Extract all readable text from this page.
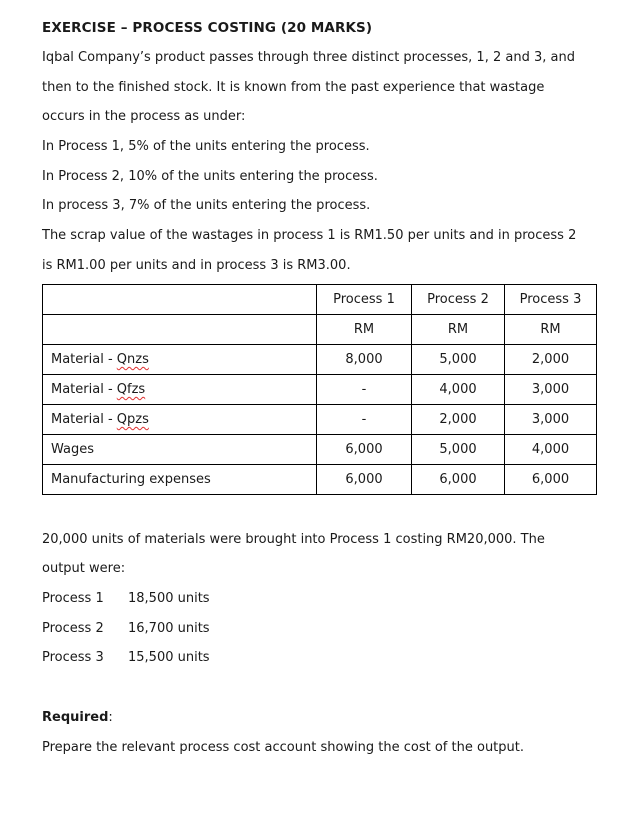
EXERCISE – PROCESS COSTING (20 MARKS)
Iqbal Company’s product passes through three distinct processes, 1, 2 and 3, and
then to the finished stock. It is known from the past experience that wastage
occurs in the process as under:
In Process 1, 5% of the units entering the process.
In Process 2, 10% of the units entering the process.
In process 3, 7% of the units entering the process.
The scrap value of the wastages in process 1 is RM1.50 per units and in process 2
is RM1.00 per units and in process 3 is RM3.00.
	Process 1	Process 2	Process 3
	RM	RM	RM
Material - Qnzs	8,000	5,000	2,000
Material - Qfzs	-	4,000	3,000
Material - Qpzs	-	2,000	3,000
Wages	6,000	5,000	4,000
Manufacturing expenses	6,000	6,000	6,000
20,000 units of materials were brought into Process 1 costing RM20,000. The
output were:
Process 1 18,500 units
Process 2 16,700 units
Process 3 15,500 units
Required:
Prepare the relevant process cost account showing the cost of the output.
